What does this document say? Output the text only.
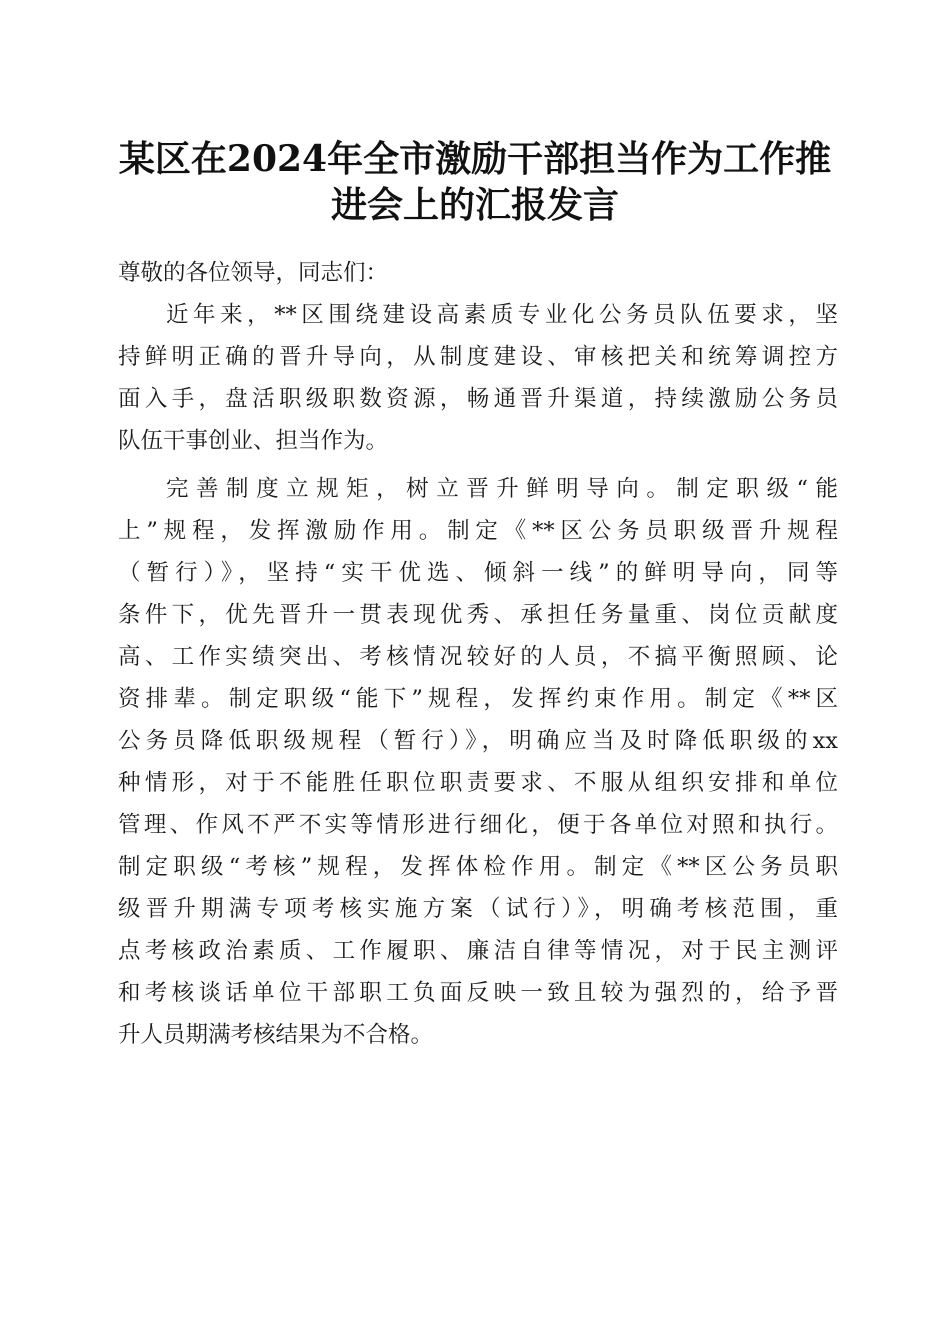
某区在2024年全市激励干部担当作为工作推
进会上的汇报发言
尊敬的各位领导，同志们：
近年来，**区围绕建设高素质专业化公务员队伍要求，坚
持鲜明正确的晋升导向，从制度建设、审核把关和统筹调控方
面入手，盘活职级职数资源，畅通晋升渠道，持续激励公务员
队伍干事创业、担当作为。
完善制度立规矩，树立晋升鲜明导向。制定职级“能
上”规程，发挥激励作用。制定《**区公务员职级晋升规程
（暂行）》，坚持“实干优选、倾斜一线”的鲜明导向，同等
条件下，优先晋升一贯表现优秀、承担任务量重、岗位贡献度
高、工作实绩突出、考核情况较好的人员，不搞平衡照顾、论
资排辈。制定职级“能下”规程，发挥约束作用。制定《**区
公务员降低职级规程（暂行）》，明确应当及时降低职级的xx
种情形，对于不能胜任职位职责要求、不服从组织安排和单位
管理、作风不严不实等情形进行细化，便于各单位对照和执行。
制定职级“考核”规程，发挥体检作用。制定《**区公务员职
级晋升期满专项考核实施方案（试行）》，明确考核范围，重
点考核政治素质、工作履职、廉洁自律等情况，对于民主测评
和考核谈话单位干部职工负面反映一致且较为强烈的，给予晋
升人员期满考核结果为不合格。
